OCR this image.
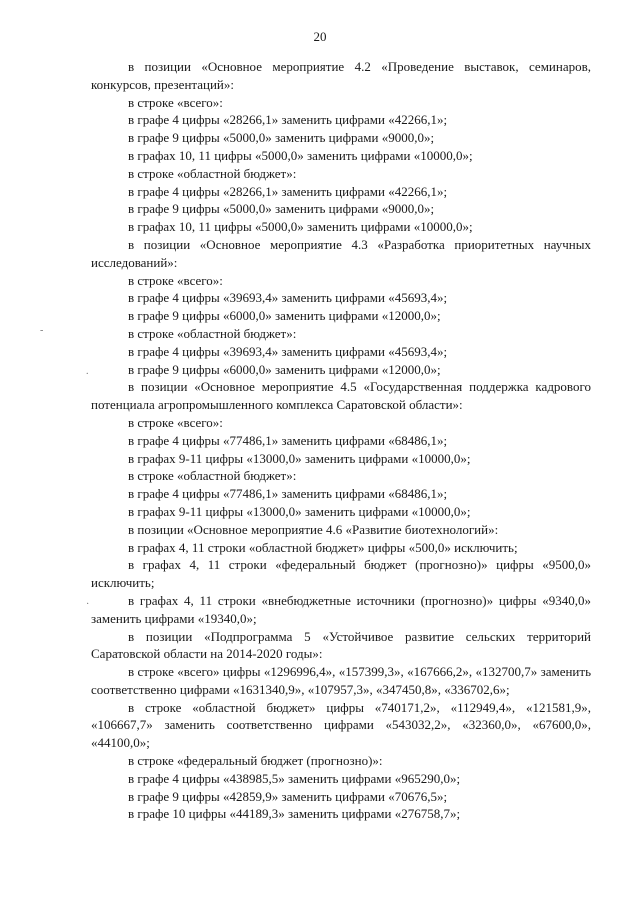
20
-
.
·

в позиции «Основное мероприятие 4.2 «Проведение выставок, семинаров, конкурсов, презентаций»:

в строке «всего»:

в графе 4 цифры «28266,1» заменить цифрами «42266,1»;

в графе 9 цифры «5000,0» заменить цифрами «9000,0»;

в графах 10, 11 цифры «5000,0» заменить цифрами «10000,0»;

в строке «областной бюджет»:

в графе 4 цифры «28266,1» заменить цифрами «42266,1»;

в графе 9 цифры «5000,0» заменить цифрами «9000,0»;

в графах 10, 11 цифры «5000,0» заменить цифрами «10000,0»;

в позиции «Основное мероприятие 4.3 «Разработка приоритетных научных исследований»:

в строке «всего»:

в графе 4 цифры «39693,4» заменить цифрами «45693,4»;

в графе 9 цифры «6000,0» заменить цифрами «12000,0»;

в строке «областной бюджет»:

в графе 4 цифры «39693,4» заменить цифрами «45693,4»;

в графе 9 цифры «6000,0» заменить цифрами «12000,0»;

в позиции «Основное мероприятие 4.5 «Государственная поддержка кадрового потенциала агропромышленного комплекса Саратовской области»:

в строке «всего»:

в графе 4 цифры «77486,1» заменить цифрами «68486,1»;

в графах 9-11 цифры «13000,0» заменить цифрами «10000,0»;

в строке «областной бюджет»:

в графе 4 цифры «77486,1» заменить цифрами «68486,1»;

в графах 9-11 цифры «13000,0» заменить цифрами «10000,0»;

в позиции «Основное мероприятие 4.6 «Развитие биотехнологий»:

в графах 4, 11 строки «областной бюджет» цифры «500,0» исключить;

в графах 4, 11 строки «федеральный бюджет (прогнозно)» цифры «9500,0» исключить;

в графах 4, 11 строки «внебюджетные источники (прогнозно)» цифры «9340,0» заменить цифрами «19340,0»;

в позиции «Подпрограмма 5 «Устойчивое развитие сельских территорий Саратовской области на 2014-2020 годы»:

в строке «всего» цифры «1296996,4», «157399,3», «167666,2», «132700,7» заменить соответственно цифрами «1631340,9», «107957,3», «347450,8», «336702,6»;

в строке «областной бюджет» цифры «740171,2», «112949,4», «121581,9», «106667,7» заменить соответственно цифрами «543032,2», «32360,0», «67600,0», «44100,0»;

в строке «федеральный бюджет (прогнозно)»:

в графе 4 цифры «438985,5» заменить цифрами «965290,0»;

в графе 9 цифры «42859,9» заменить цифрами «70676,5»;

в графе 10 цифры «44189,3» заменить цифрами «276758,7»;
